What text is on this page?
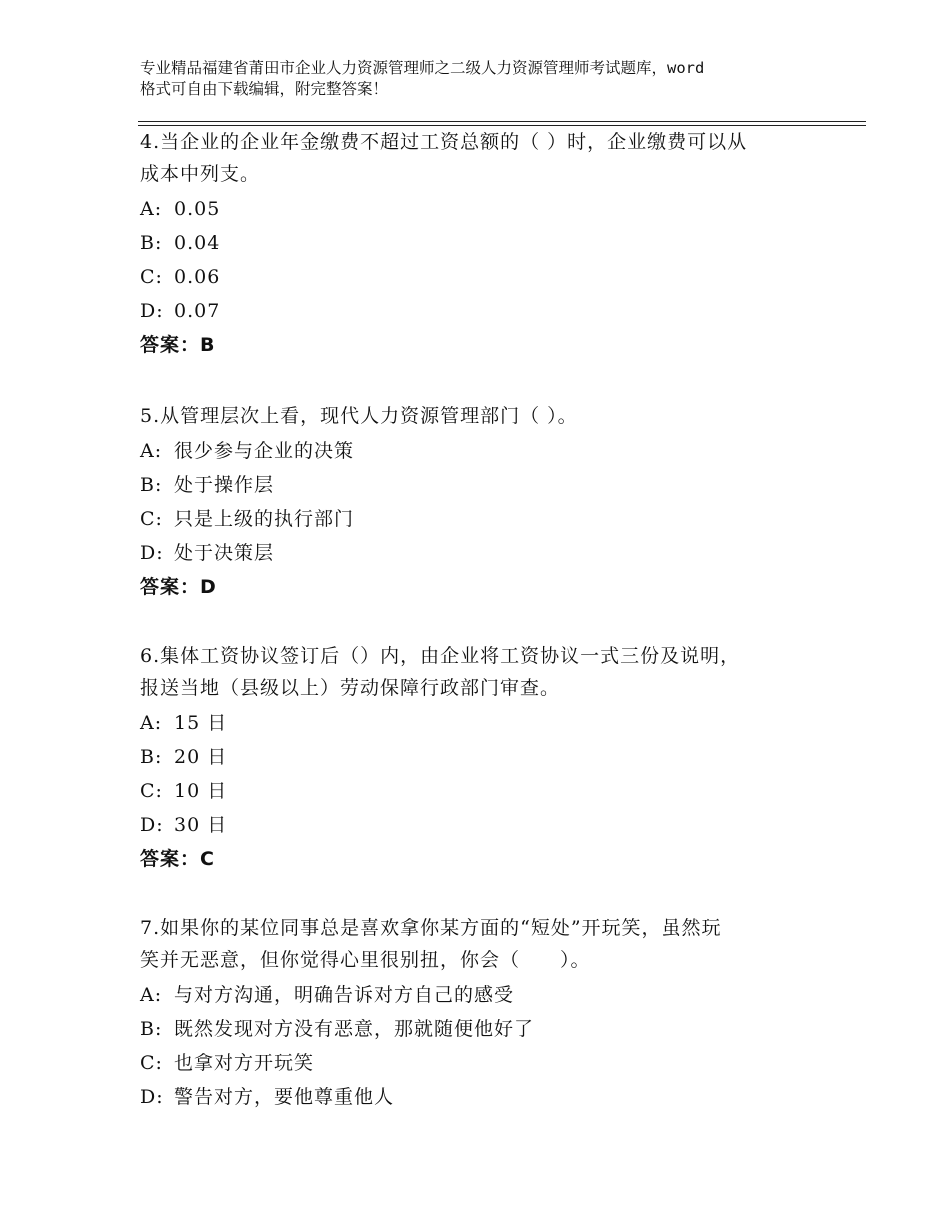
专业精品福建省莆田市企业人力资源管理师之二级人力资源管理师考试题库，word
格式可自由下载编辑，附完整答案！
4.当企业的企业年金缴费不超过工资总额的（ ）时，企业缴费可以从
成本中列支。
A: 0.05
B: 0.04
C: 0.06
D: 0.07
答案：B
5.从管理层次上看，现代人力资源管理部门（ ）。
A: 很少参与企业的决策
B: 处于操作层
C: 只是上级的执行部门
D: 处于决策层
答案：D
6.集体工资协议签订后（）内，由企业将工资协议一式三份及说明，
报送当地（县级以上）劳动保障行政部门审查。
A: 15 日
B: 20 日
C: 10 日
D: 30 日
答案：C
7.如果你的某位同事总是喜欢拿你某方面的“短处”开玩笑，虽然玩
笑并无恶意，但你觉得心里很别扭，你会（　　）。
A: 与对方沟通，明确告诉对方自己的感受
B: 既然发现对方没有恶意，那就随便他好了
C: 也拿对方开玩笑
D: 警告对方，要他尊重他人
